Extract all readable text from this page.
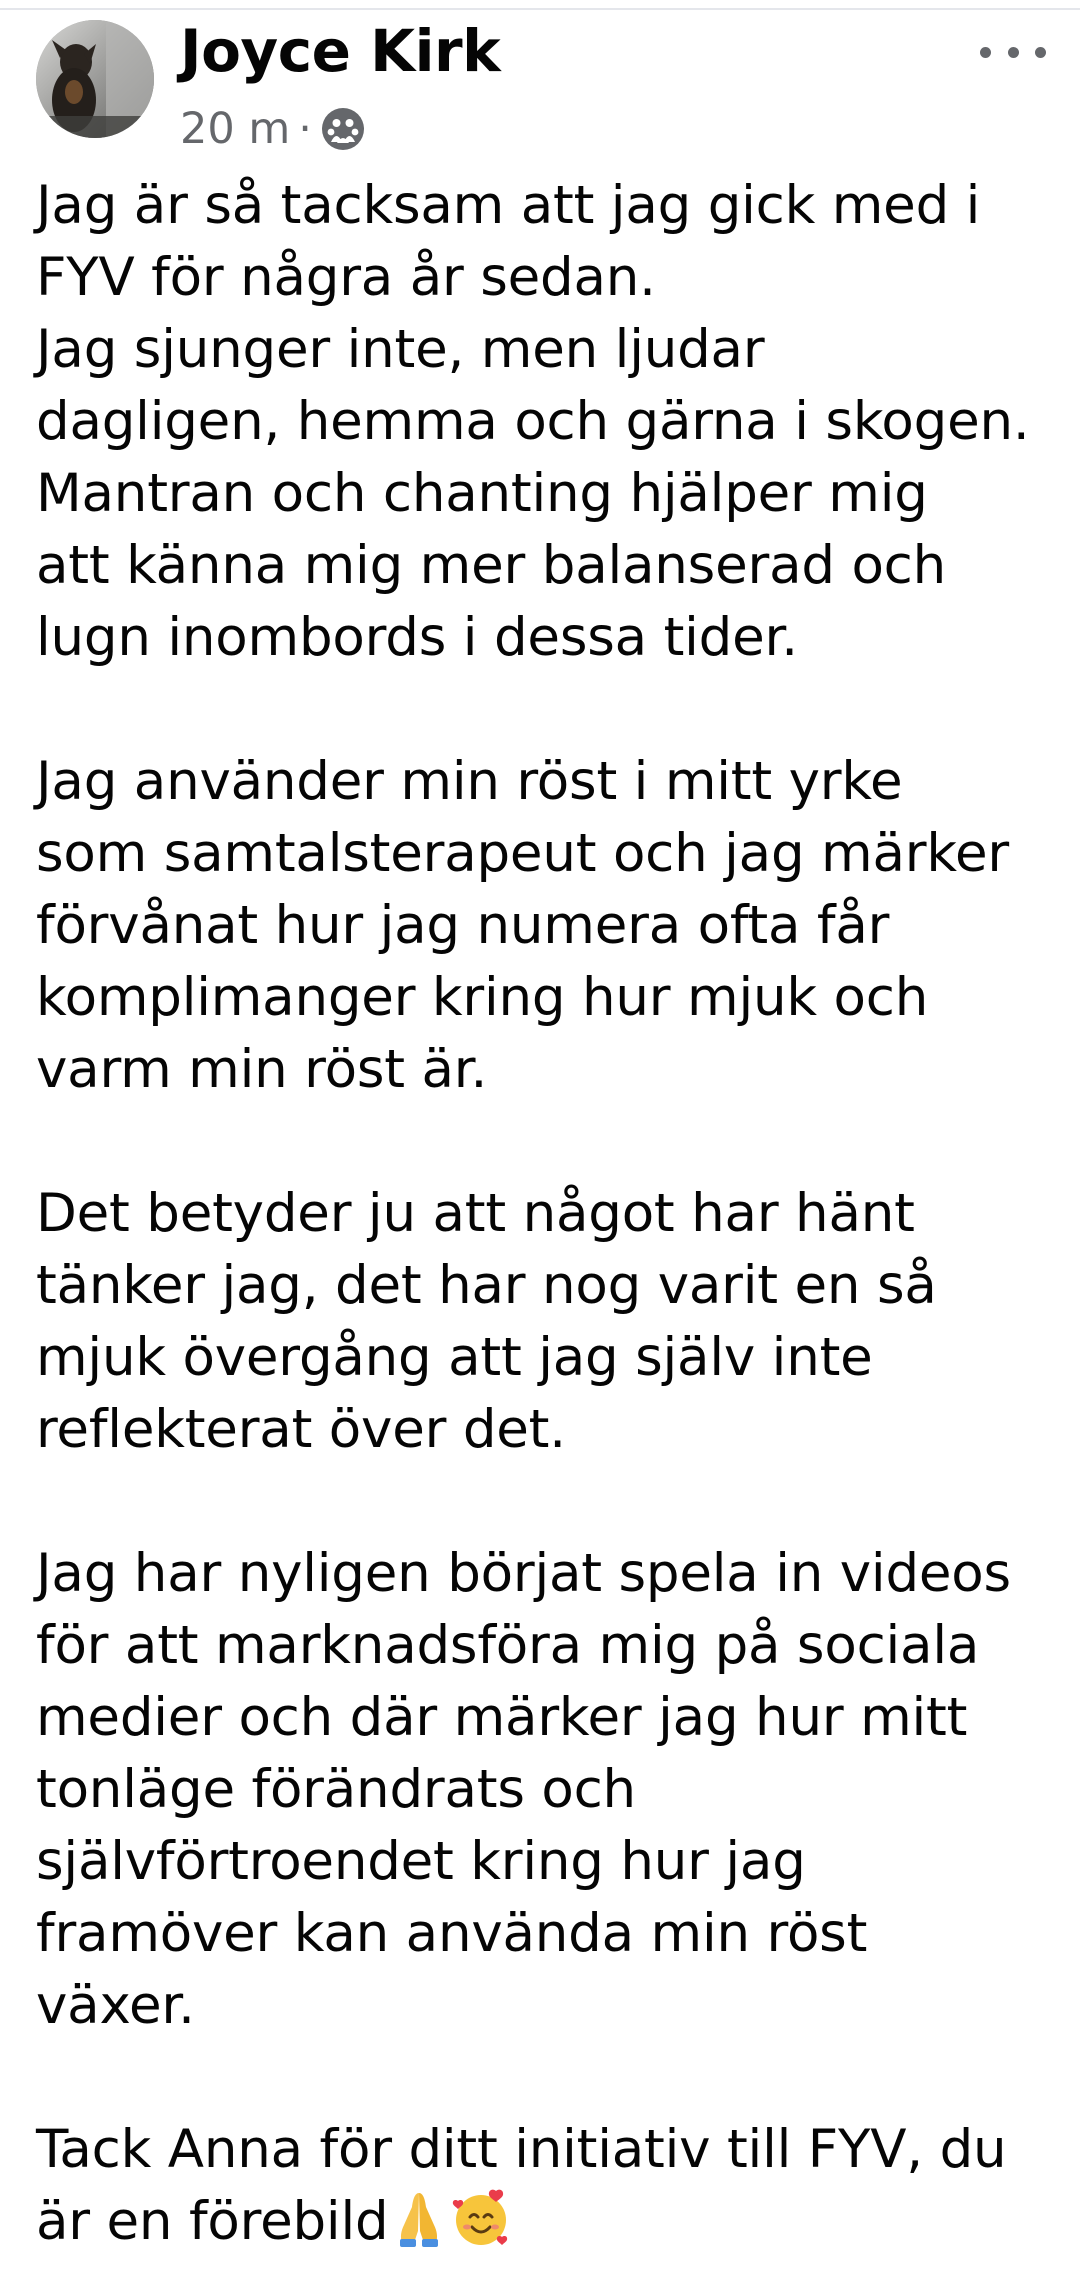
Joyce Kirk
20 m ·

Jag är så tacksam att jag gick med i
FYV för några år sedan.
Jag sjunger inte, men ljudar
dagligen, hemma och gärna i skogen.
Mantran och chanting hjälper mig
att känna mig mer balanserad och
lugn inombords i dessa tider.

Jag använder min röst i mitt yrke
som samtalsterapeut och jag märker
förvånat hur jag numera ofta får
komplimanger kring hur mjuk och
varm min röst är.

Det betyder ju att något har hänt
tänker jag, det har nog varit en så
mjuk övergång att jag själv inte
reflekterat över det.

Jag har nyligen börjat spela in videos
för att marknadsföra mig på sociala
medier och där märker jag hur mitt
tonläge förändrats och
självförtroendet kring hur jag
framöver kan använda min röst
växer.

Tack Anna för ditt initiativ till FYV, du
är en förebild
